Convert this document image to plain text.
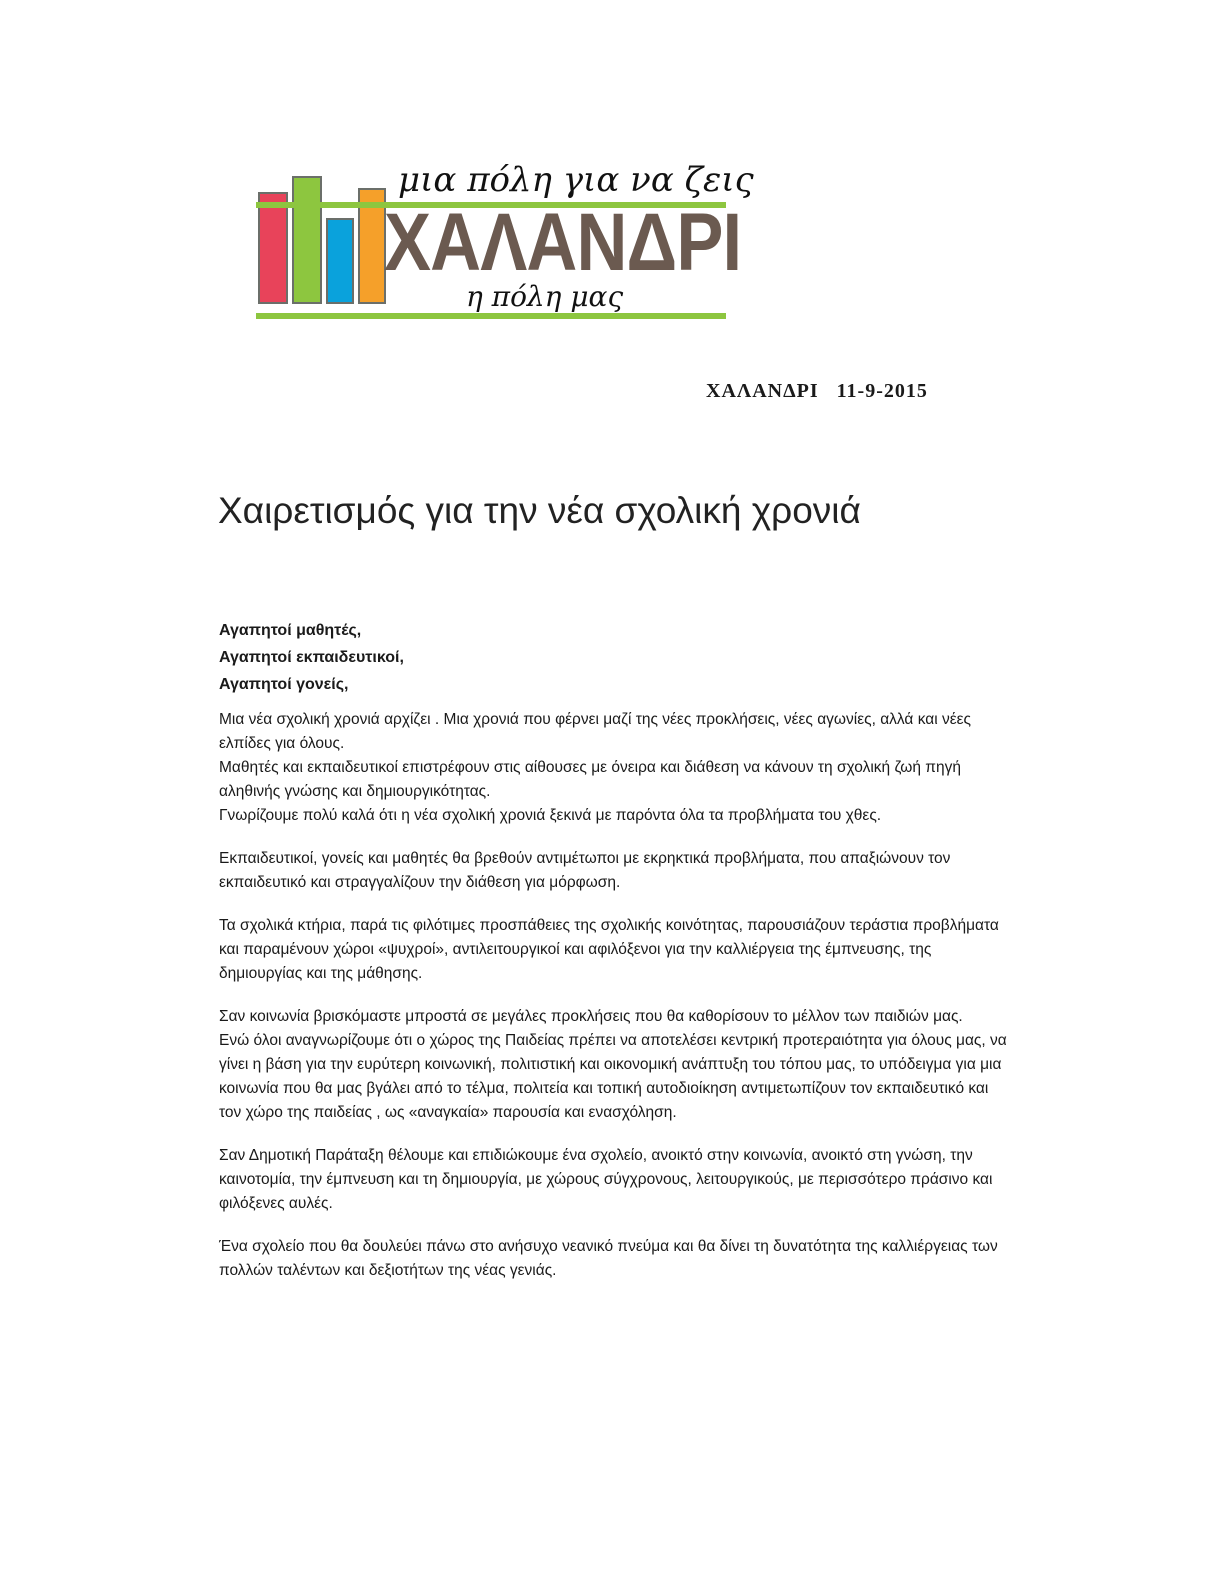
μια πόλη για να ζεις
ΧΑΛΑΝΔΡΙ
η πόλη μας
ΧΑΛΑΝΔΡΙ   11-9-2015
Χαιρετισμός για την νέα σχολική χρονιά
Αγαπητοί μαθητές,
Αγαπητοί εκπαιδευτικοί,
Αγαπητοί γονείς,

Μια νέα σχολική χρονιά αρχίζει . Μια χρονιά που φέρνει μαζί της νέες προκλήσεις, νέες αγωνίες, αλλά και νέες ελπίδες για όλους.

Μαθητές και εκπαιδευτικοί επιστρέφουν στις αίθουσες με όνειρα και διάθεση να κάνουν τη σχολική ζωή πηγή αληθινής γνώσης και δημιουργικότητας.

Γνωρίζουμε πολύ καλά ότι η νέα σχολική χρονιά ξεκινά με παρόντα όλα τα προβλήματα του χθες.

Εκπαιδευτικοί, γονείς και μαθητές θα βρεθούν αντιμέτωποι με εκρηκτικά προβλήματα, που απαξιώνουν τον εκπαιδευτικό και στραγγαλίζουν την διάθεση για μόρφωση.

Τα σχολικά κτήρια, παρά τις φιλότιμες προσπάθειες της σχολικής κοινότητας, παρουσιάζουν τεράστια προβλήματα και παραμένουν χώροι «ψυχροί», αντιλειτουργικοί και αφιλόξενοι για την καλλιέργεια της έμπνευσης, της δημιουργίας και της μάθησης.

Σαν κοινωνία βρισκόμαστε μπροστά σε μεγάλες προκλήσεις που θα καθορίσουν το μέλλον των παιδιών μας.

Ενώ όλοι αναγνωρίζουμε ότι ο χώρος της Παιδείας πρέπει να αποτελέσει κεντρική προτεραιότητα για όλους μας, να γίνει η βάση για την ευρύτερη κοινωνική, πολιτιστική και οικονομική ανάπτυξη του τόπου μας, το υπόδειγμα για μια κοινωνία που θα μας βγάλει από το τέλμα, πολιτεία και τοπική αυτοδιοίκηση αντιμετωπίζουν τον εκπαιδευτικό και τον χώρο της παιδείας , ως «αναγκαία» παρουσία και ενασχόληση.

Σαν Δημοτική Παράταξη θέλουμε και επιδιώκουμε ένα σχολείο, ανοικτό στην κοινωνία, ανοικτό στη γνώση, την καινοτομία, την έμπνευση και τη δημιουργία, με χώρους σύγχρονους, λειτουργικούς, με περισσότερο πράσινο και φιλόξενες αυλές.

Ένα σχολείο που θα δουλεύει πάνω στο ανήσυχο νεανικό πνεύμα και θα δίνει τη δυνατότητα της καλλιέργειας των πολλών ταλέντων και δεξιοτήτων της νέας γενιάς.
